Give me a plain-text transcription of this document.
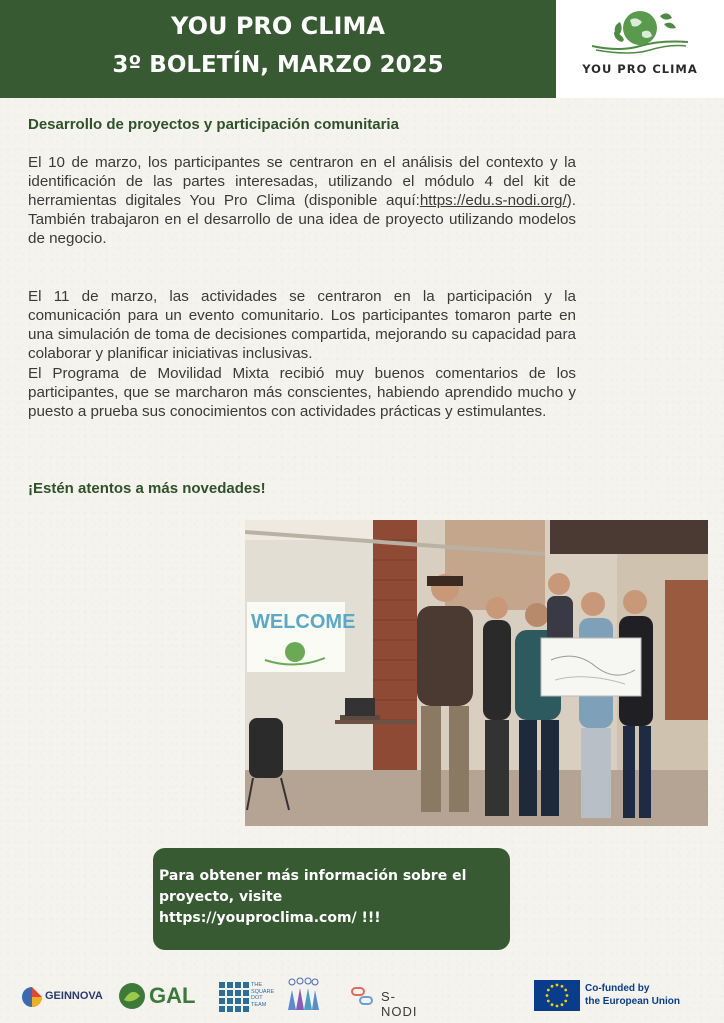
YOU PRO CLIMA
3º BOLETÍN, MARZO 2025	YOU PRO CLIMA
Desarrollo de proyectos y participación comunitaria
El 10 de marzo, los participantes se centraron en el análisis del contexto y la identificación de las partes interesadas, utilizando el módulo 4 del kit de herramientas digitales You Pro Clima (disponible aquí:https://edu.s-nodi.org/). También trabajaron en el desarrollo de una idea de proyecto utilizando modelos de negocio.
El 11 de marzo, las actividades se centraron en la participación y la comunicación para un evento comunitario. Los participantes tomaron parte en una simulación de toma de decisiones compartida, mejorando su capacidad para colaborar y planificar iniciativas inclusivas.
El Programa de Movilidad Mixta recibió muy buenos comentarios de los participantes, que se marcharon más conscientes, habiendo aprendido mucho y puesto a prueba sus conocimientos con actividades prácticas y estimulantes.
¡Estén atentos a más novedades!
WELCOME
Para obtener más información sobre el
proyecto, visite
https://youproclima.com/ !!!
GEINNOVA GAL	THE
SQUARE
DOT
TEAM
S-NODI
Co-funded by
the European Union
